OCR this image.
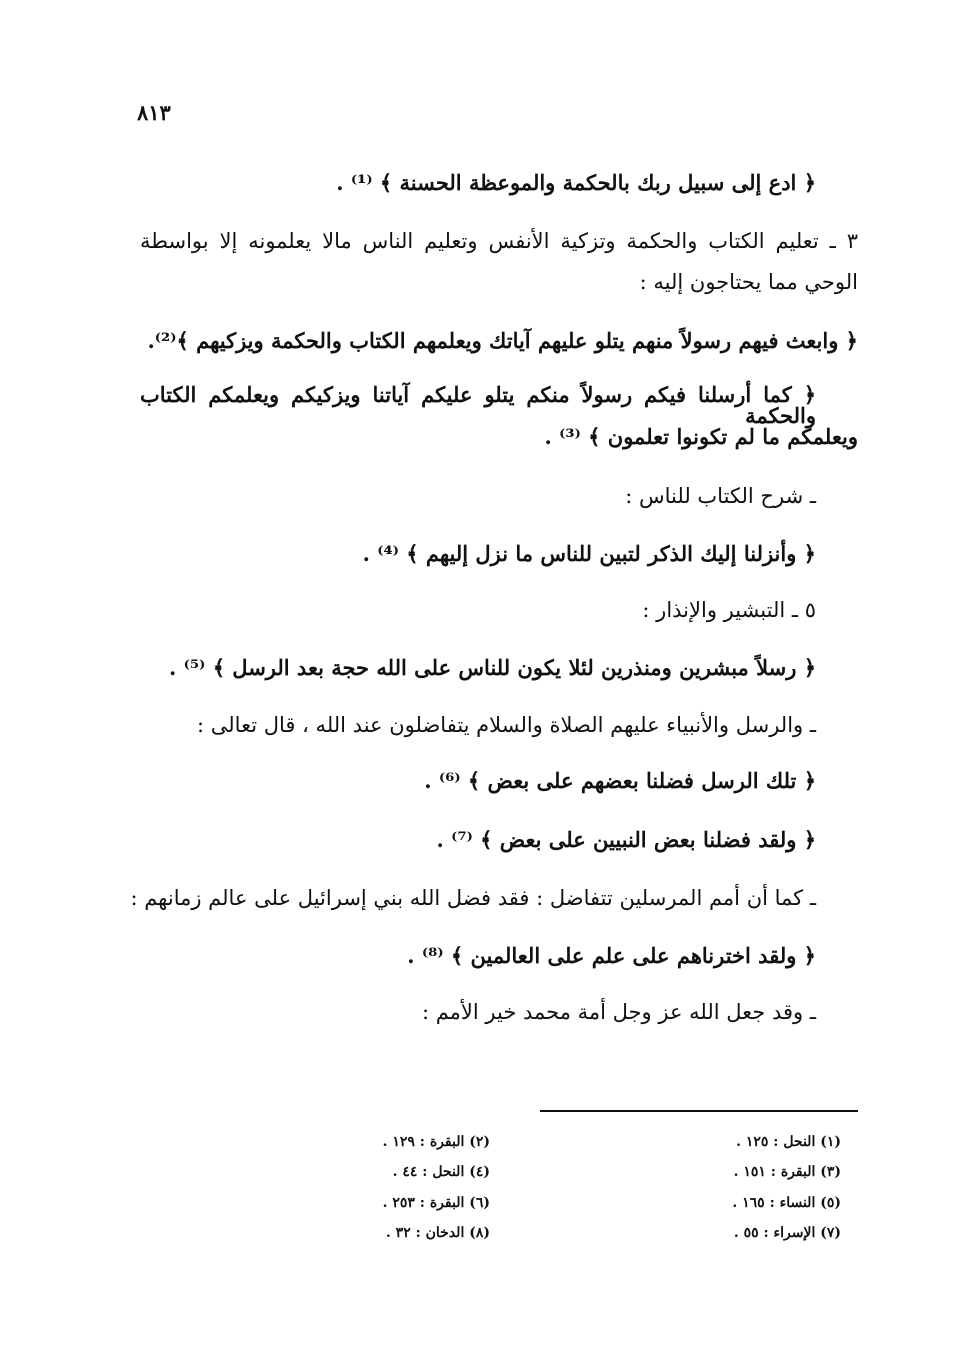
٨١٣
﴿ ادع إلى سبيل ربك بالحكمة والموعظة الحسنة ﴾ ⁽¹⁾ .
٣ ـ تعليم الكتاب والحكمة وتزكية الأنفس وتعليم الناس مالا يعلمونه إلا بواسطة
الوحي مما يحتاجون إليه :
﴿ وابعث فيهم رسولاً منهم يتلو عليهم آياتك ويعلمهم الكتاب والحكمة ويزكيهم ﴾⁽²⁾.
﴿ كما أرسلنا فيكم رسولاً منكم يتلو عليكم آياتنا ويزكيكم ويعلمكم الكتاب والحكمة
ويعلمكم ما لم تكونوا تعلمون ﴾ ⁽³⁾ .
ـ شرح الكتاب للناس :
﴿ وأنزلنا إليك الذكر لتبين للناس ما نزل إليهم ﴾ ⁽⁴⁾ .
٥ ـ التبشير والإنذار :
﴿ رسلاً مبشرين ومنذرين لئلا يكون للناس على الله حجة بعد الرسل ﴾ ⁽⁵⁾ .
ـ والرسل والأنبياء عليهم الصلاة والسلام يتفاضلون عند الله ، قال تعالى :
﴿ تلك الرسل فضلنا بعضهم على بعض ﴾ ⁽⁶⁾ .
﴿ ولقد فضلنا بعض النبيين على بعض ﴾ ⁽⁷⁾ .
ـ كما أن أمم المرسلين تتفاضل : فقد فضل الله بني إسرائيل على عالم زمانهم :
﴿ ولقد اخترناهم على علم على العالمين ﴾ ⁽⁸⁾ .
ـ وقد جعل الله عز وجل أمة محمد خير الأمم :
(١) النحل : ١٢٥ .
(٢) البقرة : ١٢٩ .
(٣) البقرة : ١٥١ .
(٤) النحل : ٤٤ .
(٥) النساء : ١٦٥ .
(٦) البقرة : ٢٥٣ .
(٧) الإسراء : ٥٥ .
(٨) الدخان : ٣٢ .
